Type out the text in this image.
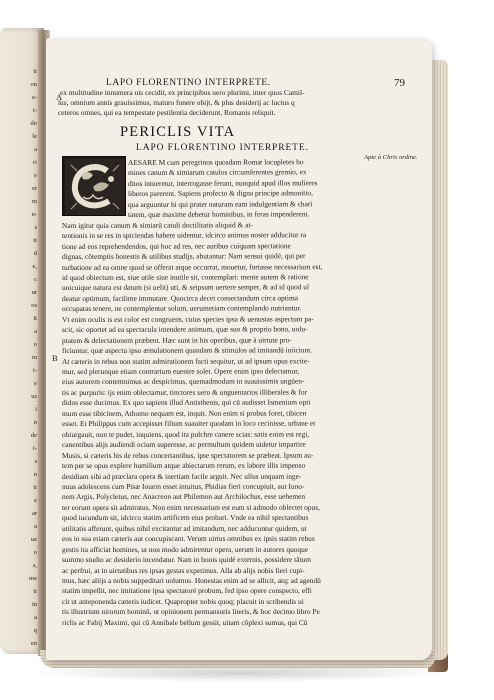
ti
on
e-
i-
do
le
a
ri
e
er
m
n-
s
ti
d
e,
c
ur
os
it
a
o
m
i-
e
us
i
n
de
t-
s
n
ti
e
ar
a
ue
o
s,
me
ti
in
a
q
en
LAPO FLORENTINO INTERPRETE.	79
A
B
ex multitudine innumera uis cecidit, ex principibus uero plurimi, inter quos Camil-
lus, omnium annis grauissimus, maturo funere obijt, & plus desiderij ac luctus q
ceteros omnes, qui ea tempestate pestilentia deciderunt, Romanis reliquit.
PERICLIS VITA
LAPO FLORENTINO INTERPRETE.
Apte à Chris ordine.
AESARE M cum peregrinos quosdam Romæ locupletes ho
mines canum & simiarum catulos circumferentes gremio, ex
ditos intueretur, interrogasse ferunt, nunquid apud illos mulieres
liberos parerent. Sapiens profecto & digna principe admonitio,
qua arguuntur hi qui prater naturam eam indulgentiam & chari
tatem, quæ maxime debetur hominibus, in feras impenderent.
Nam igitur quia canum & simiarũ catuli doctilitatis aliquid & at-
tentionis in se res in spiciendas habere uidentur, idcirco animus noster adducitur ra
tione ad eos reprehendendos, qui hoc ad res, nec auribus cuiquam spectatione
dignas, cõtemptis honestis & utilibus studijs, abutantur: Nam sensui quidé, qui per
turbatione ad ea omne quod se offerat atque occurrat, mouetur, fortasse necessarium est,
id quod obiectum est, siue utile siue inutile sit, contemplari: mente autem & ratione
unicuique natura est datum (si uelit) uti, & seipsum uertere semper, & ad id quod uî
deatur optimum, facilime immutare. Quocirca decet consectandum circa optima
occupatas tenere, ne contemplentur solum, uerumetiam contemplando nutriantur.
Vt enim oculis is est color est congruens, cuius species ipsa & uenustas aspectum pa-
scit, sic oportet ad ea spectacula intendere animum, quæ suo & proprio bono, uolu-
ptatem & delectationem præbent. Hæc sunt in his operibus, quæ à uirtute pro-
ficiuntur, quæ aspectu ipso æmulationem quandam & stimulos ad imitandũ iniiciunt.
At cæteris in rebus non statim admirationem facti sequitur, ut ad ipsum opus excite-
mur, sed plerunque etiam contrarium euenire solet. Opere enim ipso delectamur,
eius autorem contemnimus ac despicimus, quemadmodum in suauissimis ungüen-
tis ac purpuris: ijs enim oblectamur, tinctores uero & unguentarios illiberales & for
didos esse ducimus. Ex quo sapiens illud Antisthenis, qui cū audisset Ismenium opti
mum esse tibicinem, Athomo nequam est, inquit. Non enim si probus foret, tibicen
esset. Et Philippus cum accepisset filium suauiter quodam in loco cecinisse, urbane et
obiurgauit, non te pudet, inquiens, quod ita pulchre canere scias: satis enim est regi,
canentibus alijs audiendi ocium superesse, ac permultum quidem uidetur impartire
Musis, si cæteris his de rebus concertantibus, ipse spectatorem se præbeat. Ipsum au-
tem per se opus explere humilium atque abiectarum rerum, ex labore illis impenso
desidiam sibi ad præclara opera & inertiam facile arguit. Nec ullus unquam inge-
nuus adolescens cum Pisæ Iouem esset intuitus, Phidias fieri concupiuit, aut Iuno-
nem Argis, Polycletus, nec Anacreon aut Philemon aut Archilochus, esse uehemen
ter eorum opera sit admiratus. Non enim necessarium est eum si admodo oblectet opus,
quod iucundum sit, idcirco statim artificem eius probari. Vnde ea nihil spectantibus
utilitatis afferunt, quibus nihil excitantur ad imitandum, nec adducuntur quidem, ut
eos in sua etiam cæteris aut concupiscant. Verum uirtus omnibus ex ipsis statim rebus
gestis ita afficiat homines, ut non modo admirentur opera, uerum in autores quoque
summo studio ac desiderio incendatur. Nam in bonis quidé externis, possidere tâtum
ac perfrui, at in uirtutibus res ipsas gestas expetimus. Alla ab alijs nobis fieri cupi-
mus, hæc aliijs a nobis suppeditari uolumus. Honestas enim ad se allicit, atq; ad agendũ
statim impellit, nec imitatione ipsa spectatoré probum, fed ipso opere conspecto, effi
cit ut anteponenda cæteris iudicet. Quapropter nobis quoq; placuit in scribendis ui
tis illustrium uirorum hominũ, ut opinionem permansuris literis, & hoc decimo libro Pe
riclis ac Fabij Maximi, qui cũ Annibale bellum gessit, uitam cõplexi sumus, qui Cũ
